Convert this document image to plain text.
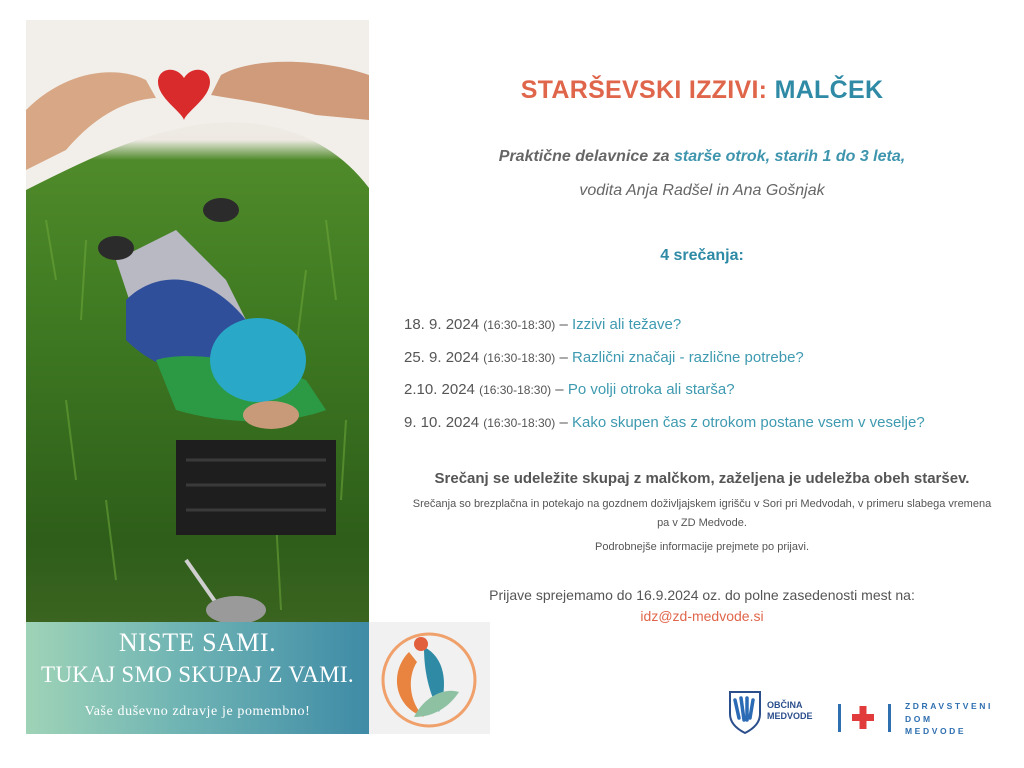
NISTE SAMI.
TUKAJ SMO SKUPAJ Z VAMI.
Vaše duševno zdravje je pomembno!
STARŠEVSKI IZZIVI: MALČEK
Praktične delavnice za starše otrok, starih 1 do 3 leta,
vodita Anja Radšel in Ana Gošnjak
4 srečanja:
18. 9. 2024 (16:30-18:30) – Izzivi ali težave?
25. 9. 2024 (16:30-18:30) – Različni značaji - različne potrebe?
2.10. 2024 (16:30-18:30) – Po volji otroka ali starša?
9. 10. 2024 (16:30-18:30) – Kako skupen čas z otrokom postane vsem v veselje?
Srečanj se udeležite skupaj z malčkom, zaželjena je udeležba obeh staršev.
Srečanja so brezplačna in potekajo na gozdnem doživljajskem igrišču v Sori pri Medvodah, v primeru slabega vremena pa v ZD Medvode.
Podrobnejše informacije prejmete po prijavi.
Prijave sprejemamo do 16.9.2024 oz. do polne zasedenosti mest na:
idz@zd-medvode.si
OBČINA
MEDVODE
ZDRAVSTVENI
DOM
MEDVODE
